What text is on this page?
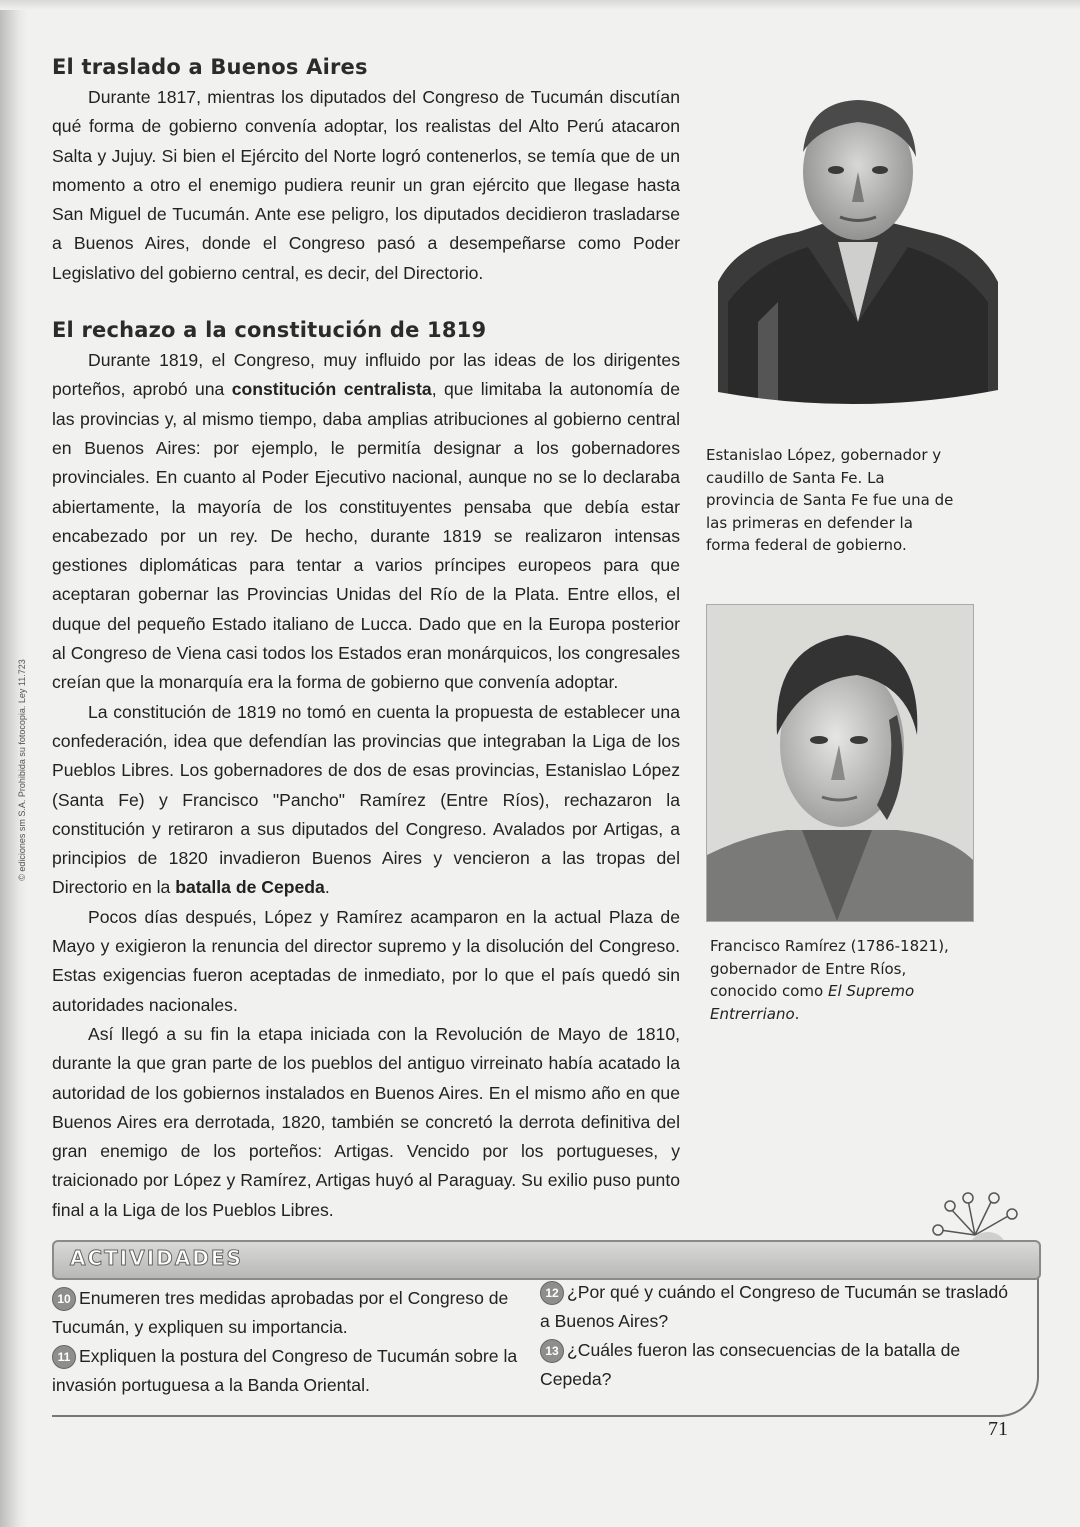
© ediciones sm S.A. Prohibida su fotocopia. Ley 11.723
El traslado a Buenos Aires

Durante 1817, mientras los diputados del Congreso de Tucumán discutían qué forma de gobierno convenía adoptar, los realistas del Alto Perú atacaron Salta y Jujuy. Si bien el Ejército del Norte logró contenerlos, se temía que de un momento a otro el enemigo pudiera reunir un gran ejército que llegase hasta San Miguel de Tucumán. Ante ese peligro, los diputados decidieron trasladarse a Buenos Aires, donde el Congreso pasó a desempeñarse como Poder Legislativo del gobierno central, es decir, del Directorio.

El rechazo a la constitución de 1819

Durante 1819, el Congreso, muy influido por las ideas de los dirigentes porteños, aprobó una constitución centralista, que limitaba la autonomía de las provincias y, al mismo tiempo, daba amplias atribuciones al gobierno central en Buenos Aires: por ejemplo, le permitía designar a los gobernadores provinciales. En cuanto al Poder Ejecutivo nacional, aunque no se lo declaraba abiertamente, la mayoría de los constituyentes pensaba que debía estar encabezado por un rey. De hecho, durante 1819 se realizaron intensas gestiones diplomáticas para tentar a varios príncipes europeos para que aceptaran gobernar las Provincias Unidas del Río de la Plata. Entre ellos, el duque del pequeño Estado italiano de Lucca. Dado que en la Europa posterior al Congreso de Viena casi todos los Estados eran monárquicos, los congresales creían que la monarquía era la forma de gobierno que convenía adoptar.

La constitución de 1819 no tomó en cuenta la propuesta de establecer una confederación, idea que defendían las provincias que integraban la Liga de los Pueblos Libres. Los gobernadores de dos de esas provincias, Estanislao López (Santa Fe) y Francisco "Pancho" Ramírez (Entre Ríos), rechazaron la constitución y retiraron a sus diputados del Congreso. Avalados por Artigas, a principios de 1820 invadieron Buenos Aires y vencieron a las tropas del Directorio en la batalla de Cepeda.

Pocos días después, López y Ramírez acamparon en la actual Plaza de Mayo y exigieron la renuncia del director supremo y la disolución del Congreso. Estas exigencias fueron aceptadas de inmediato, por lo que el país quedó sin autoridades nacionales.

Así llegó a su fin la etapa iniciada con la Revolución de Mayo de 1810, durante la que gran parte de los pueblos del antiguo virreinato había acatado la autoridad de los gobiernos instalados en Buenos Aires. En el mismo año en que Buenos Aires era derrotada, 1820, también se concretó la derrota definitiva del gran enemigo de los porteños: Artigas. Vencido por los portugueses, y traicionado por López y Ramírez, Artigas huyó al Paraguay. Su exilio puso punto final a la Liga de los Pueblos Libres.

Estanislao López, gobernador y caudillo de Santa Fe. La provincia de Santa Fe fue una de las primeras en defender la forma federal de gobierno.
Francisco Ramírez (1786-1821), gobernador de Entre Ríos, conocido como El Supremo Entrerriano.
ACTIVIDADES
10 Enumeren tres medidas aprobadas por el Congreso de Tucumán, y expliquen su importancia.
11 Expliquen la postura del Congreso de Tucumán sobre la invasión portuguesa a la Banda Oriental.
12 ¿Por qué y cuándo el Congreso de Tucumán se trasladó a Buenos Aires?
13 ¿Cuáles fueron las consecuencias de la batalla de Cepeda?
71
